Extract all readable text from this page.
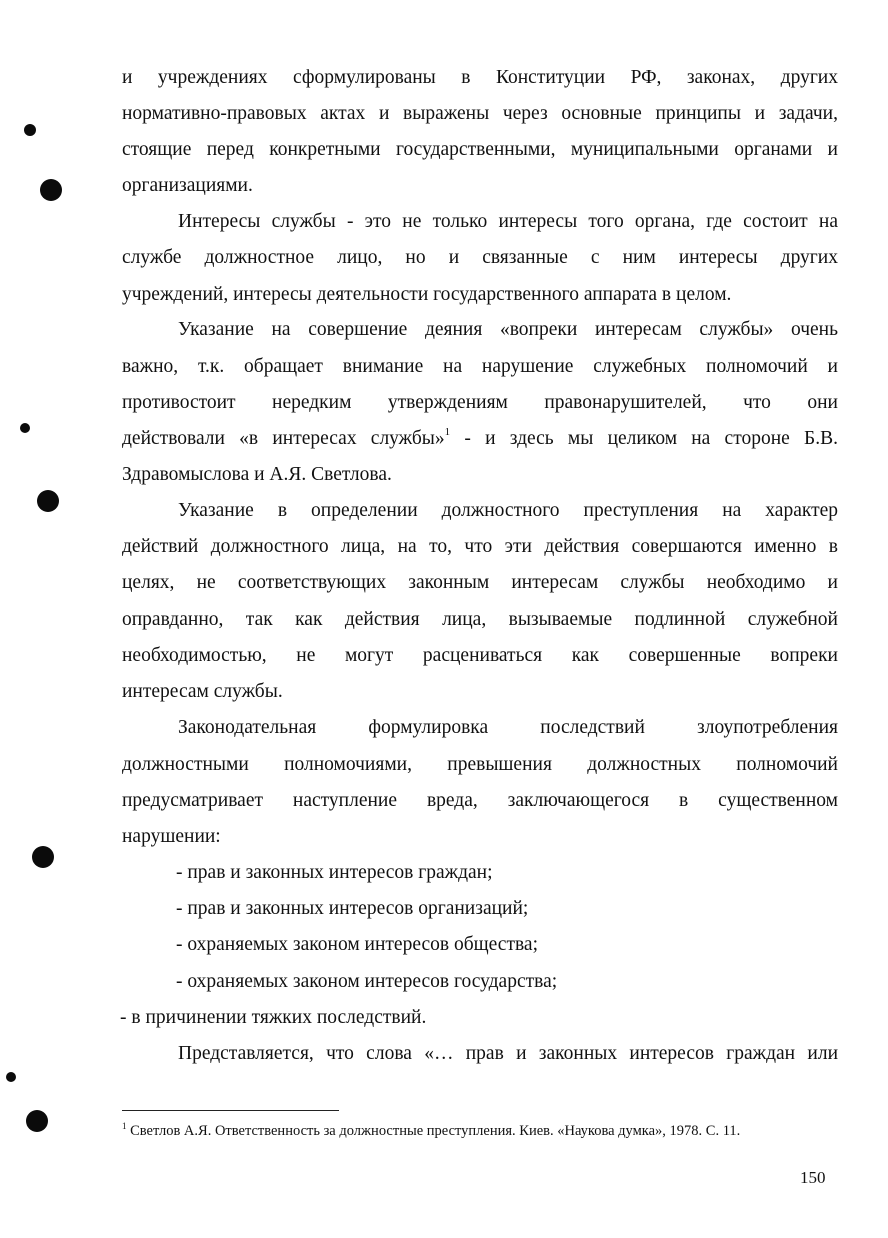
и учреждениях сформулированы в Конституции РФ, законах, других
нормативно-правовых актах и выражены через основные принципы и задачи,
стоящие перед конкретными государственными, муниципальными органами и
организациями.
Интересы службы - это не только интересы того органа, где состоит на
службе должностное лицо, но и связанные с ним интересы других
учреждений, интересы деятельности государственного аппарата в целом.
Указание на совершение деяния «вопреки интересам службы» очень
важно, т.к. обращает внимание на нарушение служебных полномочий и
противостоит нередким утверждениям правонарушителей, что они
действовали «в интересах службы»$^1$ - и здесь мы целиком на стороне Б.В.
Здравомыслова и А.Я. Светлова.
Указание в определении должностного преступления на характер
действий должностного лица, на то, что эти действия совершаются именно в
целях, не соответствующих законным интересам службы необходимо и
оправданно, так как действия лица, вызываемые подлинной служебной
необходимостью, не могут расцениваться как совершенные вопреки
интересам службы.
Законодательная формулировка последствий злоупотребления
должностными полномочиями, превышения должностных полномочий
предусматривает наступление вреда, заключающегося в существенном
нарушении:
- прав и законных интересов граждан;
- прав и законных интересов организаций;
- охраняемых законом интересов общества;
- охраняемых законом интересов государства;
- в причинении тяжких последствий.
Представляется, что слова «… прав и законных интересов граждан или
$^1$ Светлов А.Я. Ответственность за должностные преступления. Киев. «Наукова думка», 1978. С. 11.
150
